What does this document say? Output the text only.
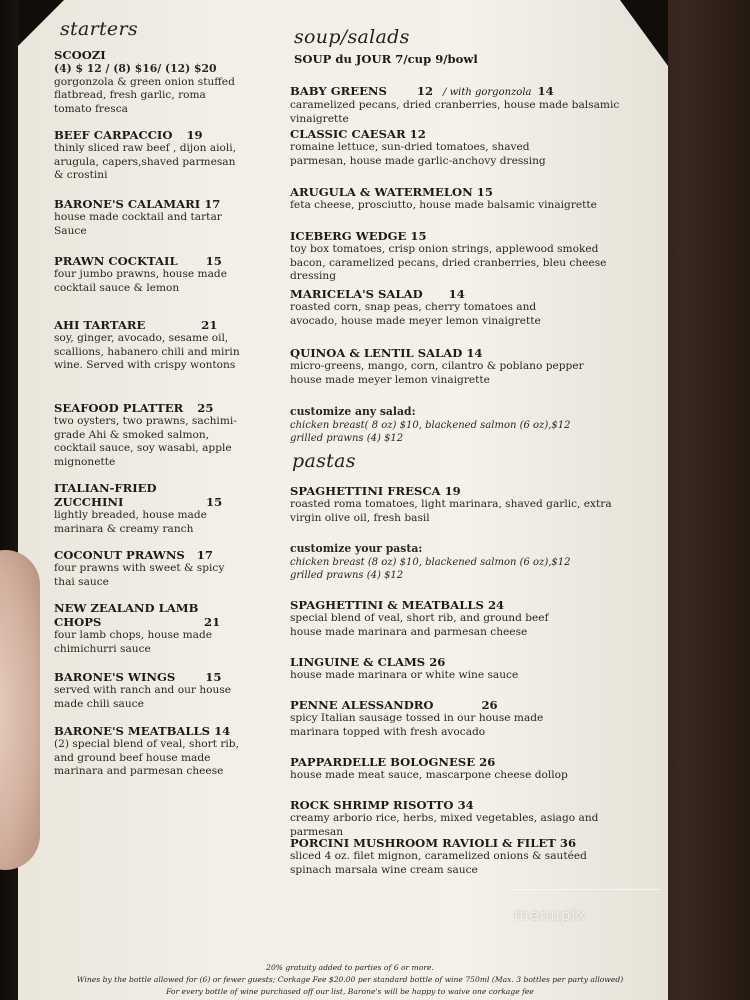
starters
SCOOZI
(4) $ 12 / (8) $16/ (12) $20
gorgonzola & green onion stuffed flatbread, fresh garlic, roma tomato fresca
BEEF CARPACCIO 19
thinly sliced raw beef , dijon aioli, arugula, capers,shaved parmesan & crostini
BARONE'S CALAMARI 17
house made cocktail and tartar Sauce
PRAWN COCKTAIL 15
four jumbo prawns, house made cocktail sauce & lemon
AHI TARTARE	21
soy, ginger, avocado, sesame oil, scallions, habanero chili and mirin wine. Served with crispy wontons
SEAFOOD PLATTER 25
two oysters, two prawns, sachimi-grade Ahi & smoked salmon, cocktail sauce, soy wasabi, apple mignonette
ITALIAN-FRIED ZUCCHINI	15
lightly breaded, house made marinara & creamy ranch
COCONUT PRAWNS 17
four prawns with sweet & spicy thai sauce
NEW ZEALAND LAMB CHOPS	21
four lamb chops, house made chimichurri sauce
BARONE'S WINGS	15
served with ranch and our house made chili sauce
BARONE'S MEATBALLS 14
(2) special blend of veal, short rib, and ground beef house made marinara and parmesan cheese
soup/salads
SOUP du JOUR 7/cup 9/bowl
BABY GREENS	12 / with gorgonzola 14
caramelized pecans, dried cranberries, house made balsamic vinaigrette
CLASSIC CAESAR 12
romaine lettuce, sun-dried tomatoes, shaved parmesan, house made garlic-anchovy dressing
ARUGULA & WATERMELON 15
feta cheese, prosciutto, house made balsamic vinaigrette
ICEBERG WEDGE 15
toy box tomatoes, crisp onion strings, applewood smoked bacon, caramelized pecans, dried cranberries, bleu cheese dressing
MARICELA'S SALAD 14
roasted corn, snap peas, cherry tomatoes and avocado, house made meyer lemon vinaigrette
QUINOA & LENTIL SALAD 14
micro-greens, mango, corn, cilantro & poblano pepper house made meyer lemon vinaigrette
customize any salad:
chicken breast( 8 oz) $10, blackened salmon (6 oz),$12
grilled prawns (4) $12
pastas
SPAGHETTINI FRESCA 19
roasted roma tomatoes, light marinara, shaved garlic, extra virgin olive oil, fresh basil
customize your pasta:
chicken breast (8 oz) $10, blackened salmon (6 oz),$12
grilled prawns (4) $12
SPAGHETTINI & MEATBALLS 24
special blend of veal, short rib, and ground beef house made marinara and parmesan cheese
LINGUINE & CLAMS 26
house made marinara or white wine sauce
PENNE ALESSANDRO	26
spicy Italian sausage tossed in our house made marinara topped with fresh avocado
PAPPARDELLE BOLOGNESE 26
house made meat sauce, mascarpone cheese dollop
ROCK SHRIMP RISOTTO 34
creamy arborio rice, herbs, mixed vegetables, asiago and parmesan
PORCINI MUSHROOM RAVIOLI & FILET 36
sliced 4 oz. filet mignon, caramelized onions & sautéed spinach marsala wine cream sauce
menupix
20% gratuity added to parties of 6 or more.
Wines by the bottle allowed for (6) or fewer guests; Corkage Fee $20.00 per standard bottle of wine 750ml (Max. 3 bottles per party allowed)
For every bottle of wine purchased off our list, Barone's will be happy to waive one corkage fee
